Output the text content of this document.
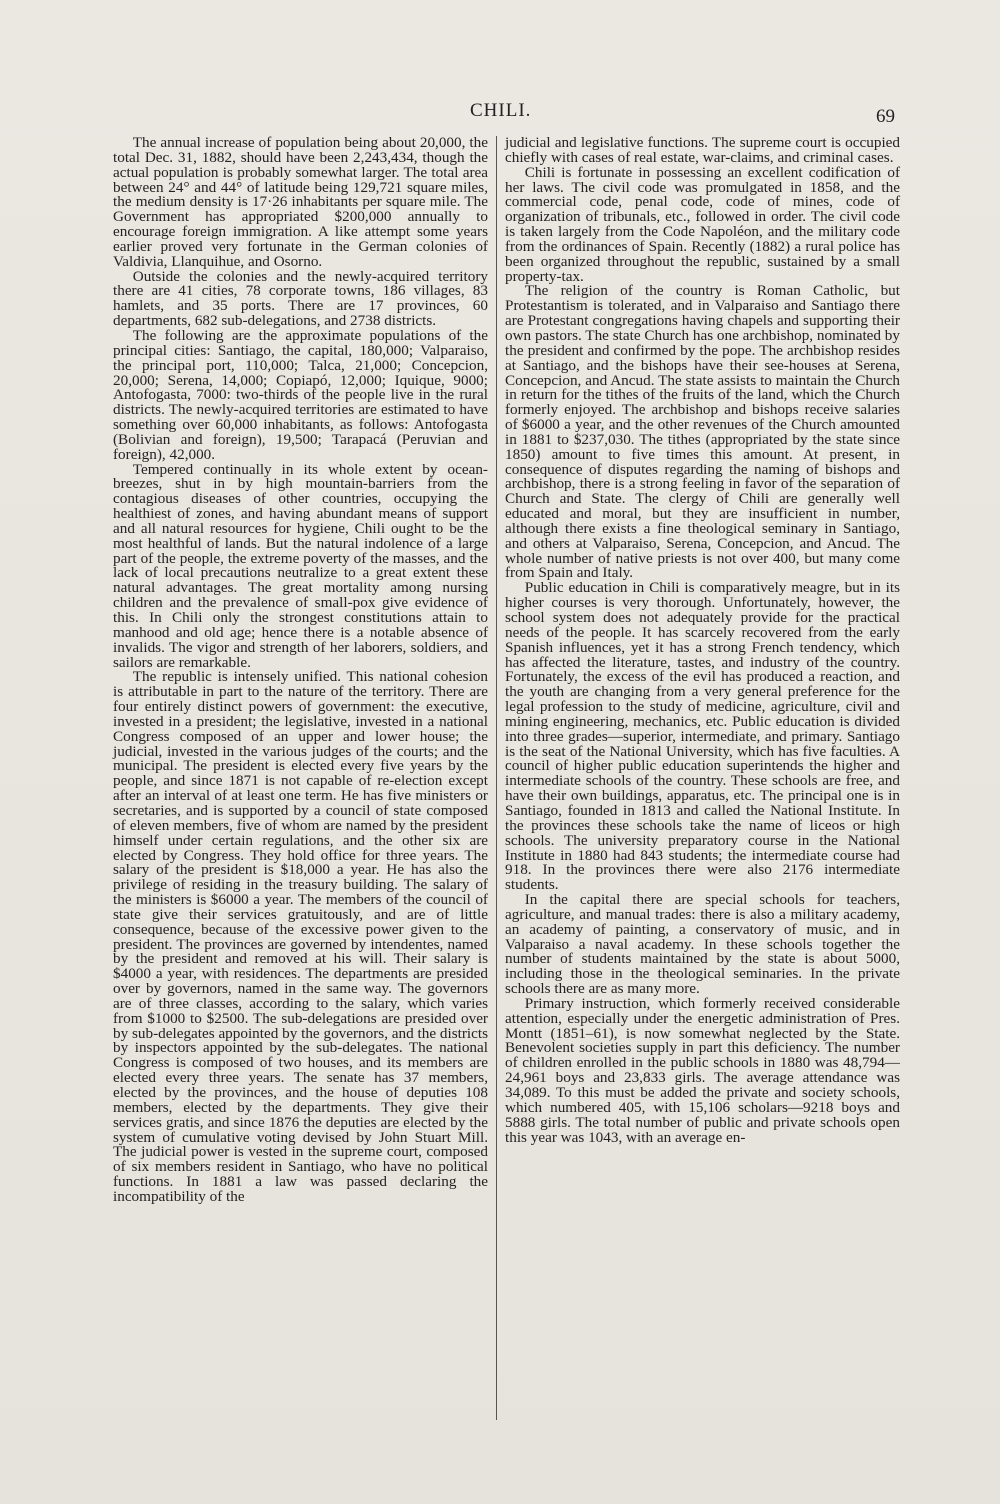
CHILI.	69

The annual increase of population being about 20,000, the total Dec. 31, 1882, should have been 2,243,434, though the actual population is probably somewhat larger. The total area between 24° and 44° of latitude being 129,721 square miles, the medium density is 17·26 inhabitants per square mile. The Government has appropriated $200,000 annually to encourage foreign immigration. A like attempt some years earlier proved very fortunate in the German colonies of Valdivia, Llanquihue, and Osorno.

Outside the colonies and the newly-acquired territory there are 41 cities, 78 corporate towns, 186 villages, 83 hamlets, and 35 ports. There are 17 provinces, 60 departments, 682 sub-delegations, and 2738 districts.

The following are the approximate populations of the principal cities: Santiago, the capital, 180,000; Valparaiso, the principal port, 110,000; Talca, 21,000; Concepcion, 20,000; Serena, 14,000; Copiapó, 12,000; Iquique, 9000; Antofogasta, 7000: two-thirds of the people live in the rural districts. The newly-acquired territories are estimated to have something over 60,000 inhabitants, as follows: Antofogasta (Bolivian and foreign), 19,500; Tarapacá (Peruvian and foreign), 42,000.

Tempered continually in its whole extent by ocean-breezes, shut in by high mountain-barriers from the contagious diseases of other countries, occupying the healthiest of zones, and having abundant means of support and all natural resources for hygiene, Chili ought to be the most healthful of lands. But the natural indolence of a large part of the people, the extreme poverty of the masses, and the lack of local precautions neutralize to a great extent these natural advantages. The great mortality among nursing children and the prevalence of small-pox give evidence of this. In Chili only the strongest constitutions attain to manhood and old age; hence there is a notable absence of invalids. The vigor and strength of her laborers, soldiers, and sailors are remarkable.

The republic is intensely unified. This national cohesion is attributable in part to the nature of the territory. There are four entirely distinct powers of government: the executive, invested in a president; the legislative, invested in a national Congress composed of an upper and lower house; the judicial, invested in the various judges of the courts; and the municipal. The president is elected every five years by the people, and since 1871 is not capable of re-election except after an interval of at least one term. He has five ministers or secretaries, and is supported by a council of state composed of eleven members, five of whom are named by the president himself under certain regulations, and the other six are elected by Congress. They hold office for three years. The salary of the president is $18,000 a year. He has also the privilege of residing in the treasury building. The salary of the ministers is $6000 a year. The members of the council of state give their services gratuitously, and are of little consequence, because of the excessive power given to the president. The provinces are governed by intendentes, named by the president and removed at his will. Their salary is $4000 a year, with residences. The departments are presided over by governors, named in the same way. The governors are of three classes, according to the salary, which varies from $1000 to $2500. The sub-delegations are presided over by sub-delegates appointed by the governors, and the districts by inspectors appointed by the sub-delegates. The national Congress is composed of two houses, and its members are elected every three years. The senate has 37 members, elected by the provinces, and the house of deputies 108 members, elected by the departments. They give their services gratis, and since 1876 the deputies are elected by the system of cumulative voting devised by John Stuart Mill. The judicial power is vested in the supreme court, composed of six members resident in Santiago, who have no political functions. In 1881 a law was passed declaring the incompatibility of the

judicial and legislative functions. The supreme court is occupied chiefly with cases of real estate, war-claims, and criminal cases.

Chili is fortunate in possessing an excellent codification of her laws. The civil code was promulgated in 1858, and the commercial code, penal code, code of mines, code of organization of tribunals, etc., followed in order. The civil code is taken largely from the Code Napoléon, and the military code from the ordinances of Spain. Recently (1882) a rural police has been organized throughout the republic, sustained by a small property-tax.

The religion of the country is Roman Catholic, but Protestantism is tolerated, and in Valparaiso and Santiago there are Protestant congregations having chapels and supporting their own pastors. The state Church has one archbishop, nominated by the president and confirmed by the pope. The archbishop resides at Santiago, and the bishops have their see-houses at Serena, Concepcion, and Ancud. The state assists to maintain the Church in return for the tithes of the fruits of the land, which the Church formerly enjoyed. The archbishop and bishops receive salaries of $6000 a year, and the other revenues of the Church amounted in 1881 to $237,030. The tithes (appropriated by the state since 1850) amount to five times this amount. At present, in consequence of disputes regarding the naming of bishops and archbishop, there is a strong feeling in favor of the separation of Church and State. The clergy of Chili are generally well educated and moral, but they are insufficient in number, although there exists a fine theological seminary in Santiago, and others at Valparaiso, Serena, Concepcion, and Ancud. The whole number of native priests is not over 400, but many come from Spain and Italy.

Public education in Chili is comparatively meagre, but in its higher courses is very thorough. Unfortunately, however, the school system does not adequately provide for the practical needs of the people. It has scarcely recovered from the early Spanish influences, yet it has a strong French tendency, which has affected the literature, tastes, and industry of the country. Fortunately, the excess of the evil has produced a reaction, and the youth are changing from a very general preference for the legal profession to the study of medicine, agriculture, civil and mining engineering, mechanics, etc. Public education is divided into three grades—superior, intermediate, and primary. Santiago is the seat of the National University, which has five faculties. A council of higher public education superintends the higher and intermediate schools of the country. These schools are free, and have their own buildings, apparatus, etc. The principal one is in Santiago, founded in 1813 and called the National Institute. In the provinces these schools take the name of liceos or high schools. The university preparatory course in the National Institute in 1880 had 843 students; the intermediate course had 918. In the provinces there were also 2176 intermediate students.

In the capital there are special schools for teachers, agriculture, and manual trades: there is also a military academy, an academy of painting, a conservatory of music, and in Valparaiso a naval academy. In these schools together the number of students maintained by the state is about 5000, including those in the theological seminaries. In the private schools there are as many more.

Primary instruction, which formerly received considerable attention, especially under the energetic administration of Pres. Montt (1851–61), is now somewhat neglected by the State. Benevolent societies supply in part this deficiency. The number of children enrolled in the public schools in 1880 was 48,794—24,961 boys and 23,833 girls. The average attendance was 34,089. To this must be added the private and society schools, which numbered 405, with 15,106 scholars—9218 boys and 5888 girls. The total number of public and private schools open this year was 1043, with an average en-
